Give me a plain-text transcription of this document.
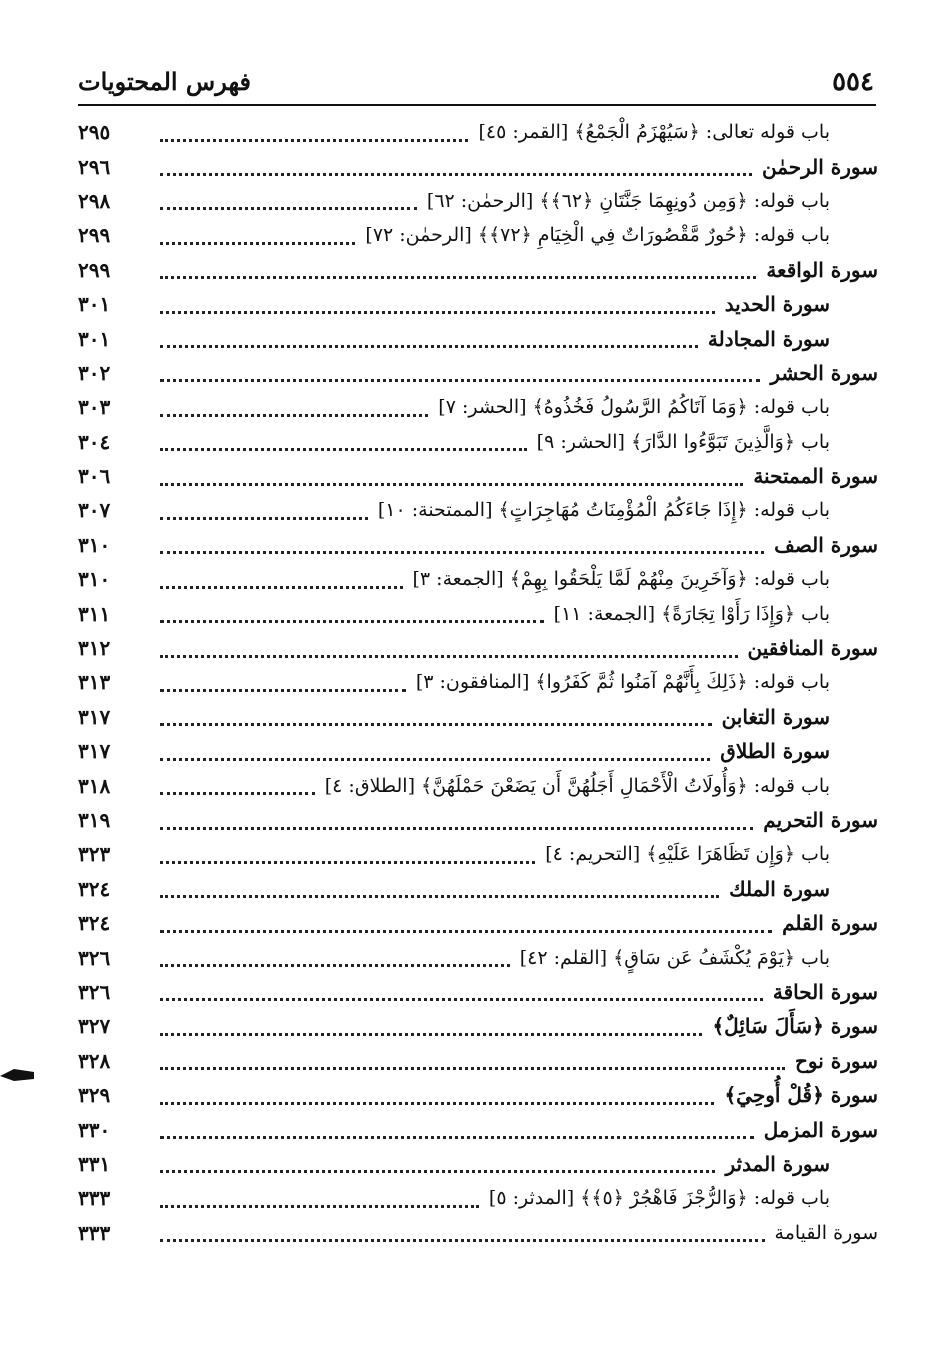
٥٥٤
فهرس المحتويات
باب قوله تعالى: ﴿سَيُهْزَمُ الْجَمْعُ﴾ [القمر: ٤٥]
٢٩٥
سورة الرحمٰن
٢٩٦
باب قوله: ﴿وَمِن دُونِهِمَا جَنَّتَانِ ﴿٦٢﴾﴾ [الرحمٰن: ٦٢]
٢٩٨
باب قوله: ﴿حُورٌ مَّقْصُورَاتٌ فِي الْخِيَامِ ﴿٧٢﴾﴾ [الرحمٰن: ٧٢]
٢٩٩
سورة الواقعة
٢٩٩
سورة الحديد
٣٠١
سورة المجادلة
٣٠١
سورة الحشر
٣٠٢
باب قوله: ﴿وَمَا آتَاكُمُ الرَّسُولُ فَخُذُوهُ﴾ [الحشر: ٧]
٣٠٣
باب ﴿وَالَّذِينَ تَبَوَّءُوا الدَّارَ﴾ [الحشر: ٩]
٣٠٤
سورة الممتحنة
٣٠٦
باب قوله: ﴿إِذَا جَاءَكُمُ الْمُؤْمِنَاتُ مُهَاجِرَاتٍ﴾ [الممتحنة: ١٠]
٣٠٧
سورة الصف
٣١٠
باب قوله: ﴿وَآخَرِينَ مِنْهُمْ لَمَّا يَلْحَقُوا بِهِمْ﴾ [الجمعة: ٣]
٣١٠
باب ﴿وَإِذَا رَأَوْا تِجَارَةً﴾ [الجمعة: ١١]
٣١١
سورة المنافقين
٣١٢
باب قوله: ﴿ذَلِكَ بِأَنَّهُمْ آمَنُوا ثُمَّ كَفَرُوا﴾ [المنافقون: ٣]
٣١٣
سورة التغابن
٣١٧
سورة الطلاق
٣١٧
باب قوله: ﴿وَأُولَاتُ الْأَحْمَالِ أَجَلُهُنَّ أَن يَضَعْنَ حَمْلَهُنَّ﴾ [الطلاق: ٤]
٣١٨
سورة التحريم
٣١٩
باب ﴿وَإِن تَظَاهَرَا عَلَيْهِ﴾ [التحريم: ٤]
٣٢٣
سورة الملك
٣٢٤
سورة القلم
٣٢٤
باب ﴿يَوْمَ يُكْشَفُ عَن سَاقٍ﴾ [القلم: ٤٢]
٣٢٦
سورة الحاقة
٣٢٦
سورة ﴿سَأَلَ سَائِلٌ﴾
٣٢٧
سورة نوح
٣٢٨
سورة ﴿قُلْ أُوحِيَ﴾
٣٢٩
سورة المزمل
٣٣٠
سورة المدثر
٣٣١
باب قوله: ﴿وَالرُّجْزَ فَاهْجُرْ ﴿٥﴾﴾ [المدثر: ٥]
٣٣٣
سورة القيامة
٣٣٣
